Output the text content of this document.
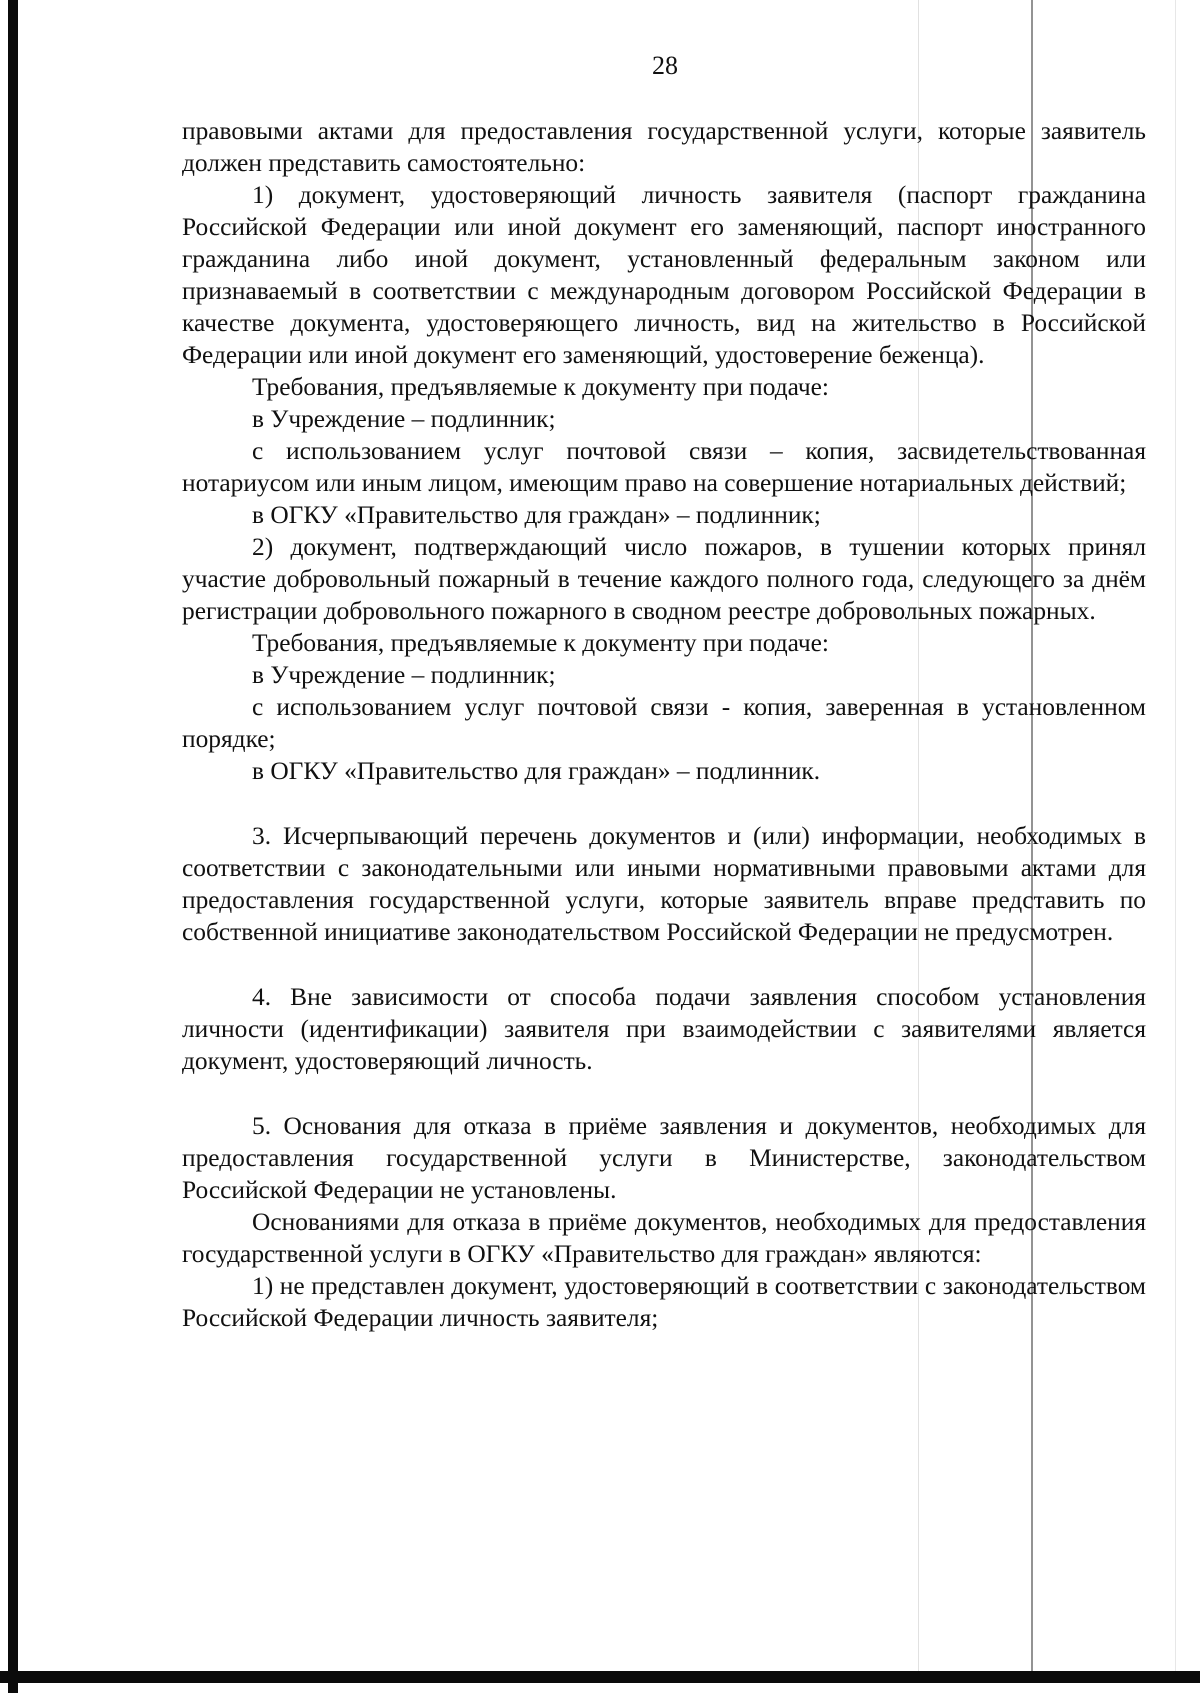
28

правовыми актами для предоставления государственной услуги, которые заявитель должен представить самостоятельно:

1) документ, удостоверяющий личность заявителя (паспорт гражданина Российской Федерации или иной документ его заменяющий, паспорт иностранного гражданина либо иной документ, установленный федеральным законом или признаваемый в соответствии с международным договором Российской Федерации в качестве документа, удостоверяющего личность, вид на жительство в Российской Федерации или иной документ его заменяющий, удостоверение беженца).

Требования, предъявляемые к документу при подаче:

в Учреждение – подлинник;

с использованием услуг почтовой связи – копия, засвидетельствованная нотариусом или иным лицом, имеющим право на совершение нотариальных действий;

в ОГКУ «Правительство для граждан» – подлинник;

2) документ, подтверждающий число пожаров, в тушении которых принял участие добровольный пожарный в течение каждого полного года, следующего за днём регистрации добровольного пожарного в сводном реестре добровольных пожарных.

Требования, предъявляемые к документу при подаче:

в Учреждение – подлинник;

с использованием услуг почтовой связи - копия, заверенная в установленном порядке;

в ОГКУ «Правительство для граждан» – подлинник.

3. Исчерпывающий перечень документов и (или) информации, необходимых в соответствии с законодательными или иными нормативными правовыми актами для предоставления государственной услуги, которые заявитель вправе представить по собственной инициативе законодательством Российской Федерации не предусмотрен.

4. Вне зависимости от способа подачи заявления способом установления личности (идентификации) заявителя при взаимодействии с заявителями является документ, удостоверяющий личность.

5. Основания для отказа в приёме заявления и документов, необходимых для предоставления государственной услуги в Министерстве, законодательством Российской Федерации не установлены.

Основаниями для отказа в приёме документов, необходимых для предоставления государственной услуги в ОГКУ «Правительство для граждан» являются:

1) не представлен документ, удостоверяющий в соответствии с законодательством Российской Федерации личность заявителя;
